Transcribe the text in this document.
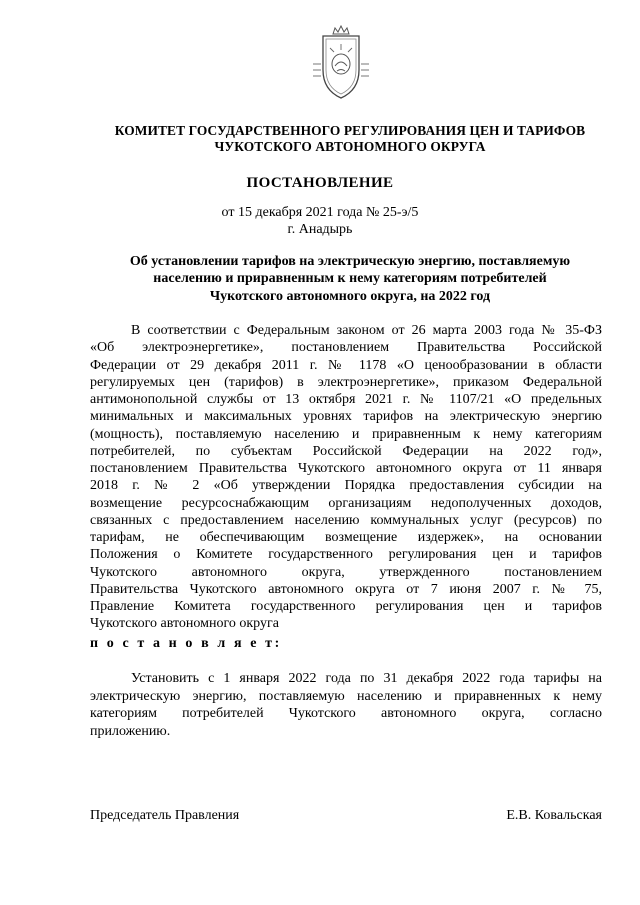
КОМИТЕТ ГОСУДАРСТВЕННОГО РЕГУЛИРОВАНИЯ ЦЕН И ТАРИФОВ
ЧУКОТСКОГО АВТОНОМНОГО ОКРУГА
ПОСТАНОВЛЕНИЕ
от 15 декабря 2021 года № 25-э/5
г. Анадырь
Об установлении тарифов на электрическую энергию, поставляемую
населению и приравненным к нему категориям потребителей
Чукотского автономного округа, на 2022 год
В соответствии с Федеральным законом от 26 марта 2003 года № 35-ФЗ
«Об электроэнергетике», постановлением Правительства Российской
Федерации от 29 декабря 2011 г. № 1178 «О ценообразовании в области
регулируемых цен (тарифов) в электроэнергетике», приказом Федеральной
антимонопольной службы от 13 октября 2021 г. № 1107/21 «О предельных
минимальных и максимальных уровнях тарифов на электрическую энергию
(мощность), поставляемую населению и приравненным к нему категориям
потребителей, по субъектам Российской Федерации на 2022 год»,
постановлением Правительства Чукотского автономного округа от 11 января
2018 г. № 2 «Об утверждении Порядка предоставления субсидии на
возмещение ресурсоснабжающим организациям недополученных доходов,
связанных с предоставлением населению коммунальных услуг (ресурсов) по
тарифам, не обеспечивающим возмещение издержек», на основании
Положения о Комитете государственного регулирования цен и тарифов
Чукотского автономного округа, утвержденного постановлением
Правительства Чукотского автономного округа от 7 июня 2007 г. № 75,
Правление Комитета государственного регулирования цен и тарифов
Чукотского автономного округа
п о с т а н о в л я е т:
Установить с 1 января 2022 года по 31 декабря 2022 года тарифы на
электрическую энергию, поставляемую населению и приравненных к нему
категориям потребителей Чукотского автономного округа, согласно
приложению.
Председатель Правления	Е.В. Ковальская
